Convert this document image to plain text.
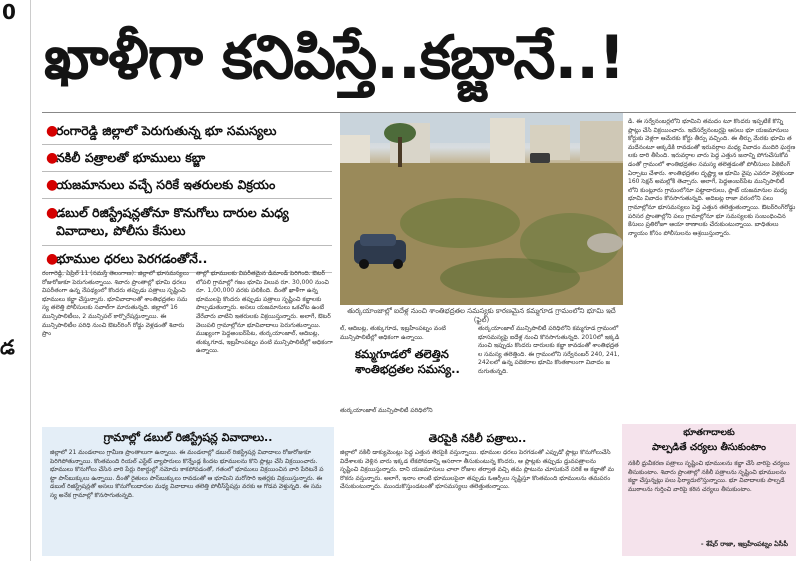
0
డ
ఖాళీగా కనిపిస్తే..కబ్జానే..!
●
రంగారెడ్డి జిల్లాలో పెరుగుతున్న భూ సమస్యలు
●
నకిలీ పత్రాలతో భూములు కబ్జా
●
యజమానులు వచ్చే సరికే ఇతరులకు విక్రయం
●
డబుల్ రిజిస్ట్రేషన్లతోనూ కొనుగోలు దారుల మధ్య వివాదాలు, పోలీసు కేసులు
●
భూముల ధరలు పెరగడంతోనే..
తుర్కయాంజాల్లో ఐదేళ్ల నుంచి శాంతిభద్రతల సమస్యకు కారణమైన కమ్మగూడ గ్రామంలోని భూమి ఇదే (ఫైల్)
డి. ఈ సర్వేనంబర్లలోని భూమిని తమదం టూ కొందరు ఇప్పటికే కొన్ని ప్లాట్లు చేసి విక్రయించారు. ఇదేసర్వేనంబర్లపై ఆసలు భూ యజమానులు కోర్టుకు వెళ్లగా ఆమేరకు కోర్టు తీర్పు వచ్చింది. ఈ తీర్పు మేరకు భూమి తమదేనంటూ అక్కడికి రావడంతో ఇరువర్గాల మధ్య వివాదం ముదిరి ఘర్షణలకు దారి తీసింది. ఇరువర్గాల వారు పెద్ద ఎత్తున జనాన్ని పోగుచేసుకోవడంతో గ్రామంలో శాంతిభద్రతల సమస్య తలెత్తడంతో పోలీసులు పికెటింగ్ ఏర్పాటు చేశారు. శాంతిభద్రతల దృష్ట్యా ఆ భూమి వైపు ఎవరూ వెళ్లకుండా 160 సెక్షన్ అమల్లోకి తెచ్చారు. అలాగే, పెద్దఅంబర్‌పేట మున్సిపాలిటీ లోని కుంట్లూరు గ్రామంలోనూ పట్టాదారులు, ప్లాట్ యజమానుల మధ్య భూమి వివాదం కొనసాగుతున్నది. అదిబట్ల రాజా వరంలోని పలు గ్రామాల్లోనూ భూసమస్యలు పెద్ద ఎత్తున తలెత్తుతున్నాయి. ఔటర్‌రింగ్‌రోడ్డు పరిసర ప్రాంతాల్లోని పలు గ్రామాల్లోనూ భూ సమస్యలకు సంబంధించిన కేసులు ప్రతిరోజూ ఆయా ఠాణాలకు చేరుకుంటున్నాయి. బాధితులు న్యాయం కోసం పోలీసులను ఆశ్రయిస్తున్నారు.
రంగారెడ్డి, ఏప్రిల్ 11 (నమస్తే తెలంగాణ): జిల్లాలో భూసమస్యలు రోజురోజుకూ పెరుగుతున్నాయి. శివారు ప్రాంతాల్లో భూమి ధరలు విపరీతంగా ఉన్న నేపథ్యంలో కొందరు తప్పుడు పత్రాలు సృష్టించి భూములు కబ్జా చేస్తున్నారు. భూవివాదాలతో శాంతిభద్రతల సమస్య తలెత్తి పోలీసులకు సవాల్‌గా మారుతున్నది. జిల్లాలో 16 మున్సిపాలిటీలు, 2 మున్సిపల్ కార్పొరేషన్లున్నాయి. ఈ మున్సిపాలిటీల పరిధి నుంచి ఔటర్‌రింగ్ రోడ్డు వెళ్లడంతో శివారు ప్రాం
తాల్లో భూములకు విపరీతమైన డిమాండ్ పెరిగింది. ఔటర్ లోపలి గ్రామాల్లో గజం భూమి విలువ రూ. 30,000 నుంచి రూ. 1,00,000 వరకు పలికింది. దీంతో ఖాళీగా ఉన్న భూములపై కొందరు తప్పుడు పత్రాలు సృష్టించి కబ్జాలకు పాల్పడుతున్నారు. అసలు యజమానులు ఒకచోట ఉంటే వేరేవారు వాటిని ఇతరులకు విక్రయిస్తున్నారు. అలాగే, ఔటర్ వెలుపలి గ్రామాల్లోనూ భూవివాదాలు పెరుగుతున్నాయి. ముఖ్యంగా పెద్దఅంబర్‌పేట, తుర్కయాంజాల్, ఆదిబట్ల, తుక్కుగూడ, ఇబ్రహీంపట్నం వంటి మున్సిపాలిటీల్లో అధికంగా ఉన్నాయి.
ల్, ఆదిబట్ల, తుక్కుగూడ, ఇబ్రహీంపట్నం వంటి మున్సిపాలిటీల్లో అధికంగా ఉన్నాయి.
కమ్మగూడలో తలెత్తిన శాంతిభద్రతల సమస్య..
తుర్కయాంజాల్ మున్సిపాలిటీ పరిధిలోని
తుర్కయాంజాల్ మున్సిపాలిటీ పరిధిలోని కమ్మగూడ గ్రామంలో భూసమస్యపై ఐదేళ్ల నుంచి కొనసాగుతున్నది. 2010లో ఇక్కడి నుంచి ఇప్పుడు కొందరు దారులకు కబ్జా కావడంతో శాంతిభద్రతల సమస్య తలెత్తింది. ఈ గ్రామంలోని సర్వేనంబర్ 240, 241, 242లలో ఉన్న పదెకరాల భూమి కొంతకాలంగా వివాదం జరుగుతున్నది.
గ్రామాల్లో డబుల్ రిజిస్ట్రేషన్ల వివాదాలు..
జిల్లాలో 21 మండలాలు గ్రామీణ ప్రాంతాలుగా ఉన్నాయి. ఈ మండలాల్లో డబుల్ రిజిస్ట్రేషన్ల వివాదాలు రోజురోజుకూ పెరిగిపోతున్నాయి. కొంతమంది రియల్ ఎస్టేట్ వ్యాపారులు కొన్నేండ్ల కిందట భూములను కొని ప్లాట్లు చేసి విక్రయించారు. భూములు కొనుగోలు చేసిన వారి పేర్లు రికార్డుల్లో నమోదు కాకపోవడంతో, గతంలో భూములు విక్రయించిన వారి పేరిటనే పట్టా పాస్‌బుక్కులు ఉన్నాయి. దీంతో రైతులు పాస్‌బుక్కులు రావడంతో ఆ భూమిని మరోసారి ఇతర్లకు విక్రయిస్తున్నారు. ఈ డబుల్ రిజిస్ట్రేషన్లతో అసలు కొనుగోలుదారుల మధ్య వివాదాలు తలెత్తి పోలీస్‌స్టేషన్లు వరకు ఆ గొడవ వెళ్తున్నది. ఈ సమస్య అనేక గ్రామాల్లో కొనసాగుతున్నది.
తెరపైకి నకిలీ పత్రాలు..
జిల్లాలో నకిలీ డాక్యుమెంట్లు పెద్ద ఎత్తున తెరపైకి వస్తున్నాయి. భూముల ధరలు పెరగడంతో ఎప్పుడో ప్లాట్లు కొనుగోలుచేసి విదేశాలకు వెళ్లిన వారు ఇక్కడ లేకపోవడాన్ని ఆసరాగా తీసుకుంటున్న కొందరు, ఆ ప్లాట్లకు తప్పుడు ధ్రువపత్రాలను సృష్టించి విక్రయిస్తున్నారు. దాని యజమానులు చాలా రోజుల తర్వాత వచ్చి తమ ప్లాటును చూసుకునే సరికే ఆ కబ్జాతో మరొకరు వస్తున్నారు. అలాగే, ఇనాం లాంటి భూములపైనా తప్పుడు ఓఆర్సీలు సృష్టిస్తూ కొంతమంది భూములను తమపరం చేసుకుంటున్నారు. ముందుకొస్తుండటంతో భూసమస్యలు తలెత్తుతున్నాయి.
భూతగాదాలకు
పాల్పడితే చర్యలు తీసుకుంటాం
నకిలీ ధ్రువీకరణ పత్రాలు సృష్టించి భూములను కబ్జా చేసే వారిపై చర్యలు తీసుకుంటాం. శివారు ప్రాంతాల్లో నకిలీ పత్రాలను సృష్టించి భూములను కబ్జా చేస్తున్నట్లు పలు ఫిర్యాదులొస్తున్నాయి. భూ వివాదాలకు పాల్పడే ముఠాలను గుర్తించి వారిపై కఠిన చర్యలు తీసుకుంటాం.
- శేషేర్ రాజా, ఇబ్రహీంపట్నం ఏసీపీ
